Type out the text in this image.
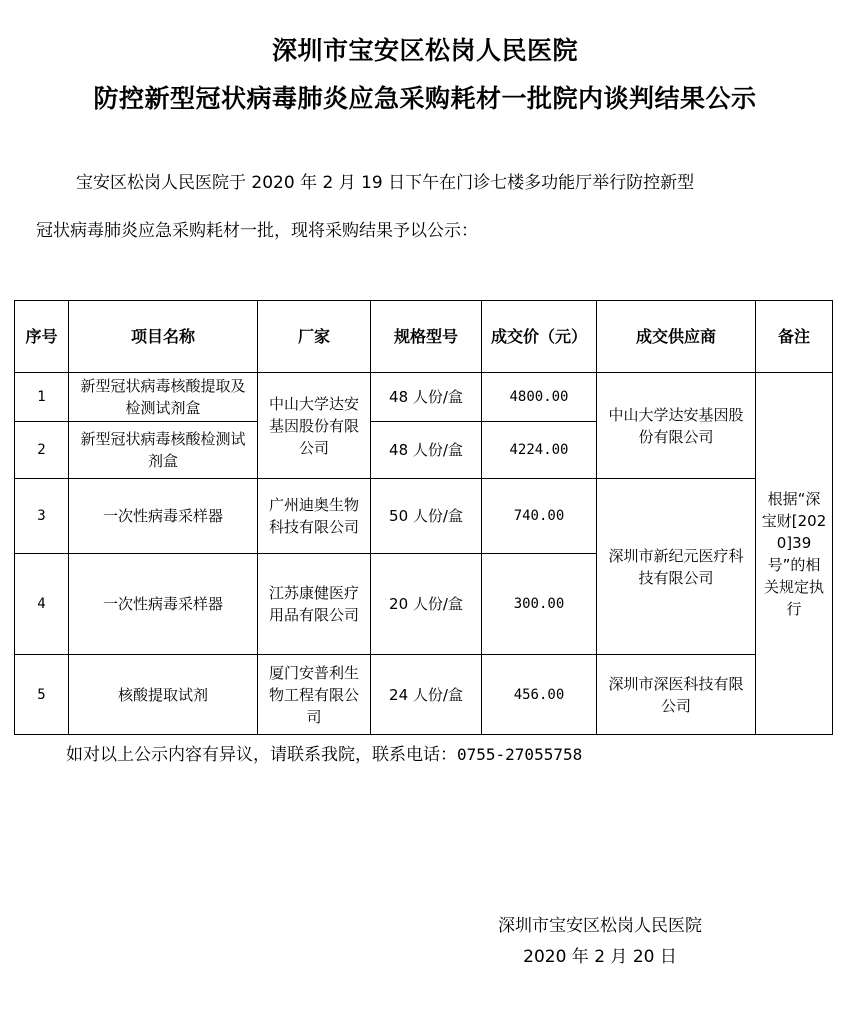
深圳市宝安区松岗人民医院
防控新型冠状病毒肺炎应急采购耗材一批院内谈判结果公示
宝安区松岗人民医院于 2020 年 2 月 19 日下午在门诊七楼多功能厅举行防控新型
冠状病毒肺炎应急采购耗材一批，现将采购结果予以公示：
序号	项目名称	厂家	规格型号	成交价（元）	成交供应商	备注
1	新型冠状病毒核酸提取及检测试剂盒	中山大学达安基因股份有限公司	48 人份/盒	4800.00	中山大学达安基因股份有限公司	根据“深宝财[2020]39号”的相关规定执行
2	新型冠状病毒核酸检测试剂盒		48 人份/盒	4224.00		
3	一次性病毒采样器	广州迪奥生物科技有限公司	50 人份/盒	740.00	深圳市新纪元医疗科技有限公司	
4	一次性病毒采样器	江苏康健医疗用品有限公司	20 人份/盒	300.00		
5	核酸提取试剂	厦门安普利生物工程有限公司	24 人份/盒	456.00	深圳市深医科技有限公司	
如对以上公示内容有异议，请联系我院，联系电话：0755-27055758
深圳市宝安区松岗人民医院
2020 年 2 月 20 日
